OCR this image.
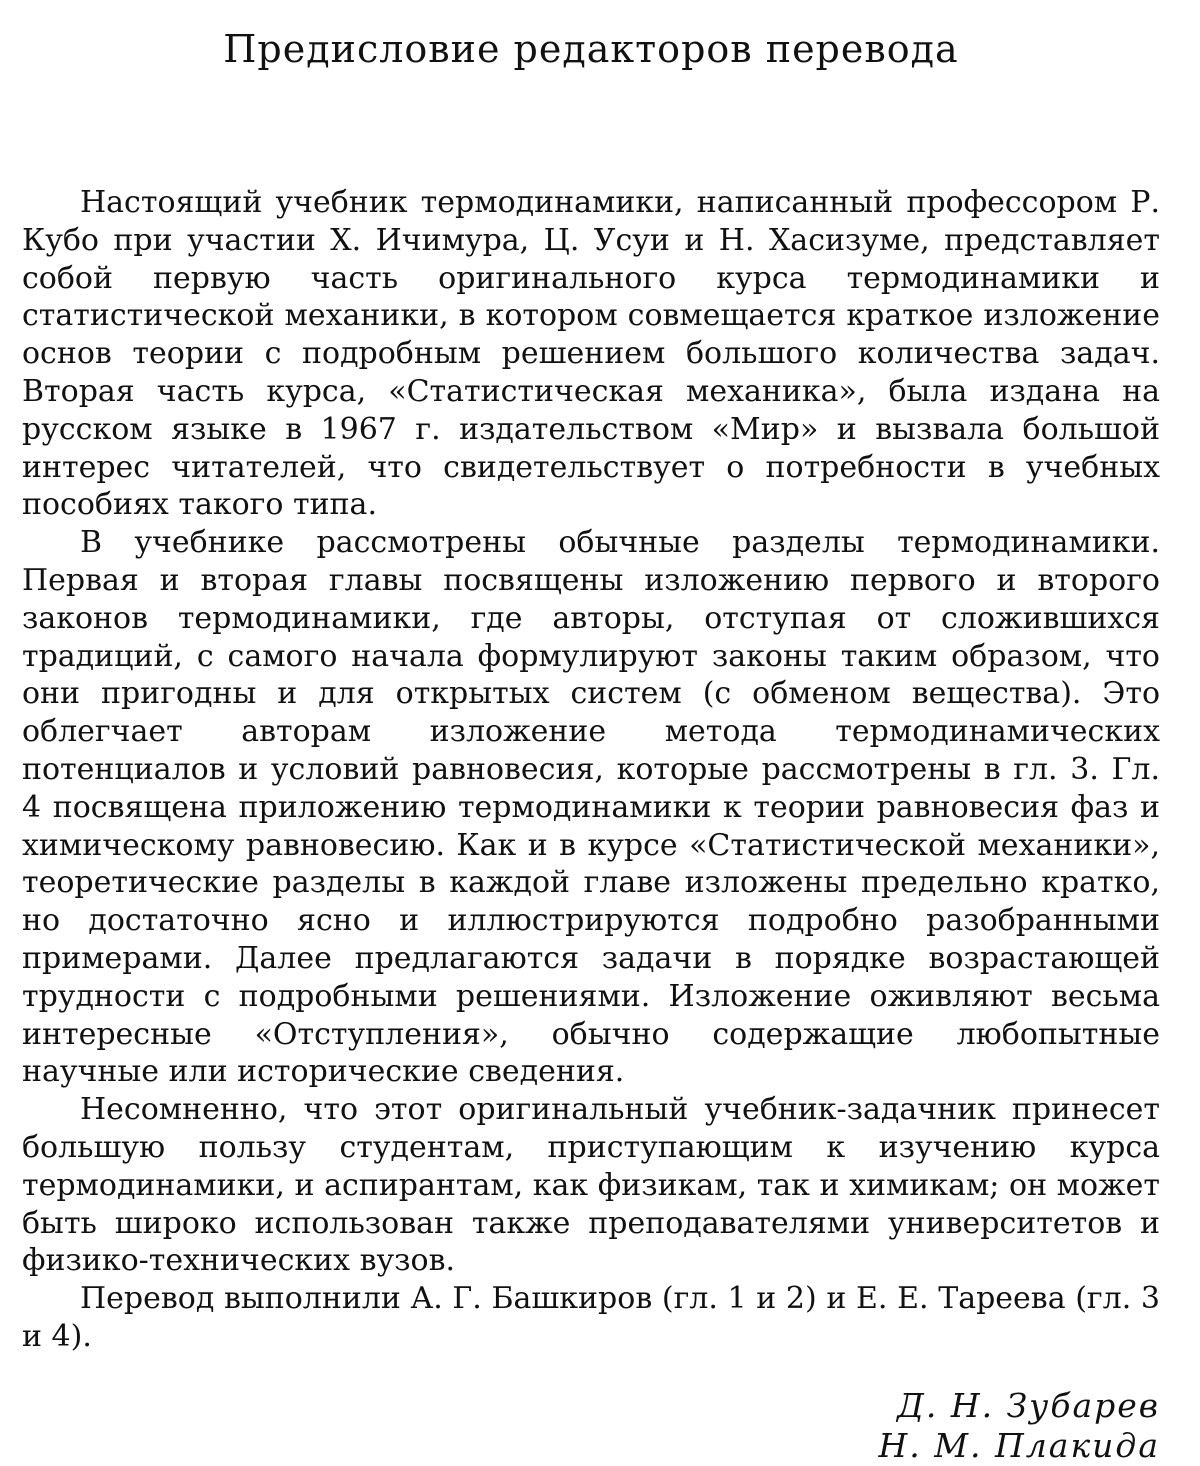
Предисловие редакторов перевода

Настоящий учебник термодинамики, написанный профессором Р. Кубо при участии Х. Ичимура, Ц. Усуи и Н. Хасизуме, представляет собой первую часть оригинального курса термодинамики и статистической механики, в котором совмещается краткое изложение основ теории с подробным решением большого количества задач. Вторая часть курса, «Статистическая механика», была издана на русском языке в 1967 г. издательством «Мир» и вызвала большой интерес читателей, что свидетельствует о потребности в учебных пособиях такого типа.

В учебнике рассмотрены обычные разделы термодинамики. Первая и вторая главы посвящены изложению первого и второго законов термодинамики, где авторы, отступая от сложившихся традиций, с самого начала формулируют законы таким образом, что они пригодны и для открытых систем (с обменом вещества). Это облегчает авторам изложение метода термодинамических потенциалов и условий равновесия, которые рассмотрены в гл. 3. Гл. 4 посвящена приложению термодинамики к теории равновесия фаз и химическому равновесию. Как и в курсе «Статистической механики», теоретические разделы в каждой главе изложены предельно кратко, но достаточно ясно и иллюстрируются подробно разобранными примерами. Далее предлагаются задачи в порядке возрастающей трудности с подробными решениями. Изложение оживляют весьма интересные «Отступления», обычно содержащие любопытные научные или исторические сведения.

Несомненно, что этот оригинальный учебник-задачник принесет большую пользу студентам, приступающим к изучению курса термодинамики, и аспирантам, как физикам, так и химикам; он может быть широко использован также преподавателями университетов и физико-технических вузов.

Перевод выполнили А. Г. Башкиров (гл. 1 и 2) и Е. Е. Тареева (гл. 3 и 4).

Д. Н. Зубарев
Н. М. Плакида
